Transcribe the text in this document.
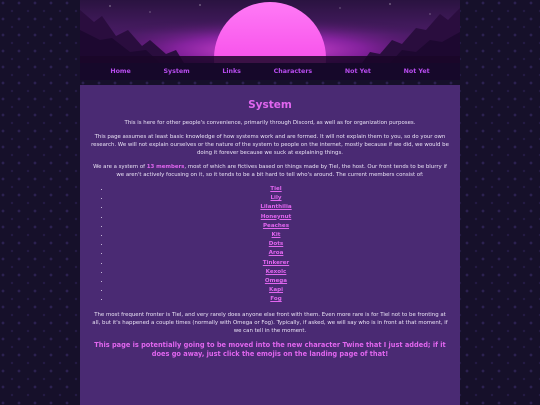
Home	System	Links	Characters	Not Yet	Not Yet
System

This is here for other people's convenience, primarily through Discord, as well as for organization purposes.

This page assumes at least basic knowledge of how systems work and are formed. It will not explain them to you, so do your own research. We will not explain ourselves or the nature of the system to people on the internet, mostly because if we did, we would be doing it forever because we suck at explaining things.

We are a system of 13 members, most of which are fictives based on things made by Tiel, the host. Our front tends to be blurry if we aren't actively focusing on it, so it tends to be a bit hard to tell who's around. The current members consist of:

• Tiel
• Lily
• Lilanthilia
• Honeynut
• Peaches
• Kit
• Dots
• Aroa
• Tinkerer
• Kexolc
• Omega
• Kapi
• Fog

The most frequent fronter is Tiel, and very rarely does anyone else front with them. Even more rare is for Tiel not to be fronting at all, but it's happened a couple times (normally with Omega or Fog). Typically, if asked, we will say who is in front at that moment, if we can tell in the moment.

This page is potentially going to be moved into the new character Twine that I just added; if it does go away, just click the emojis on the landing page of that!
